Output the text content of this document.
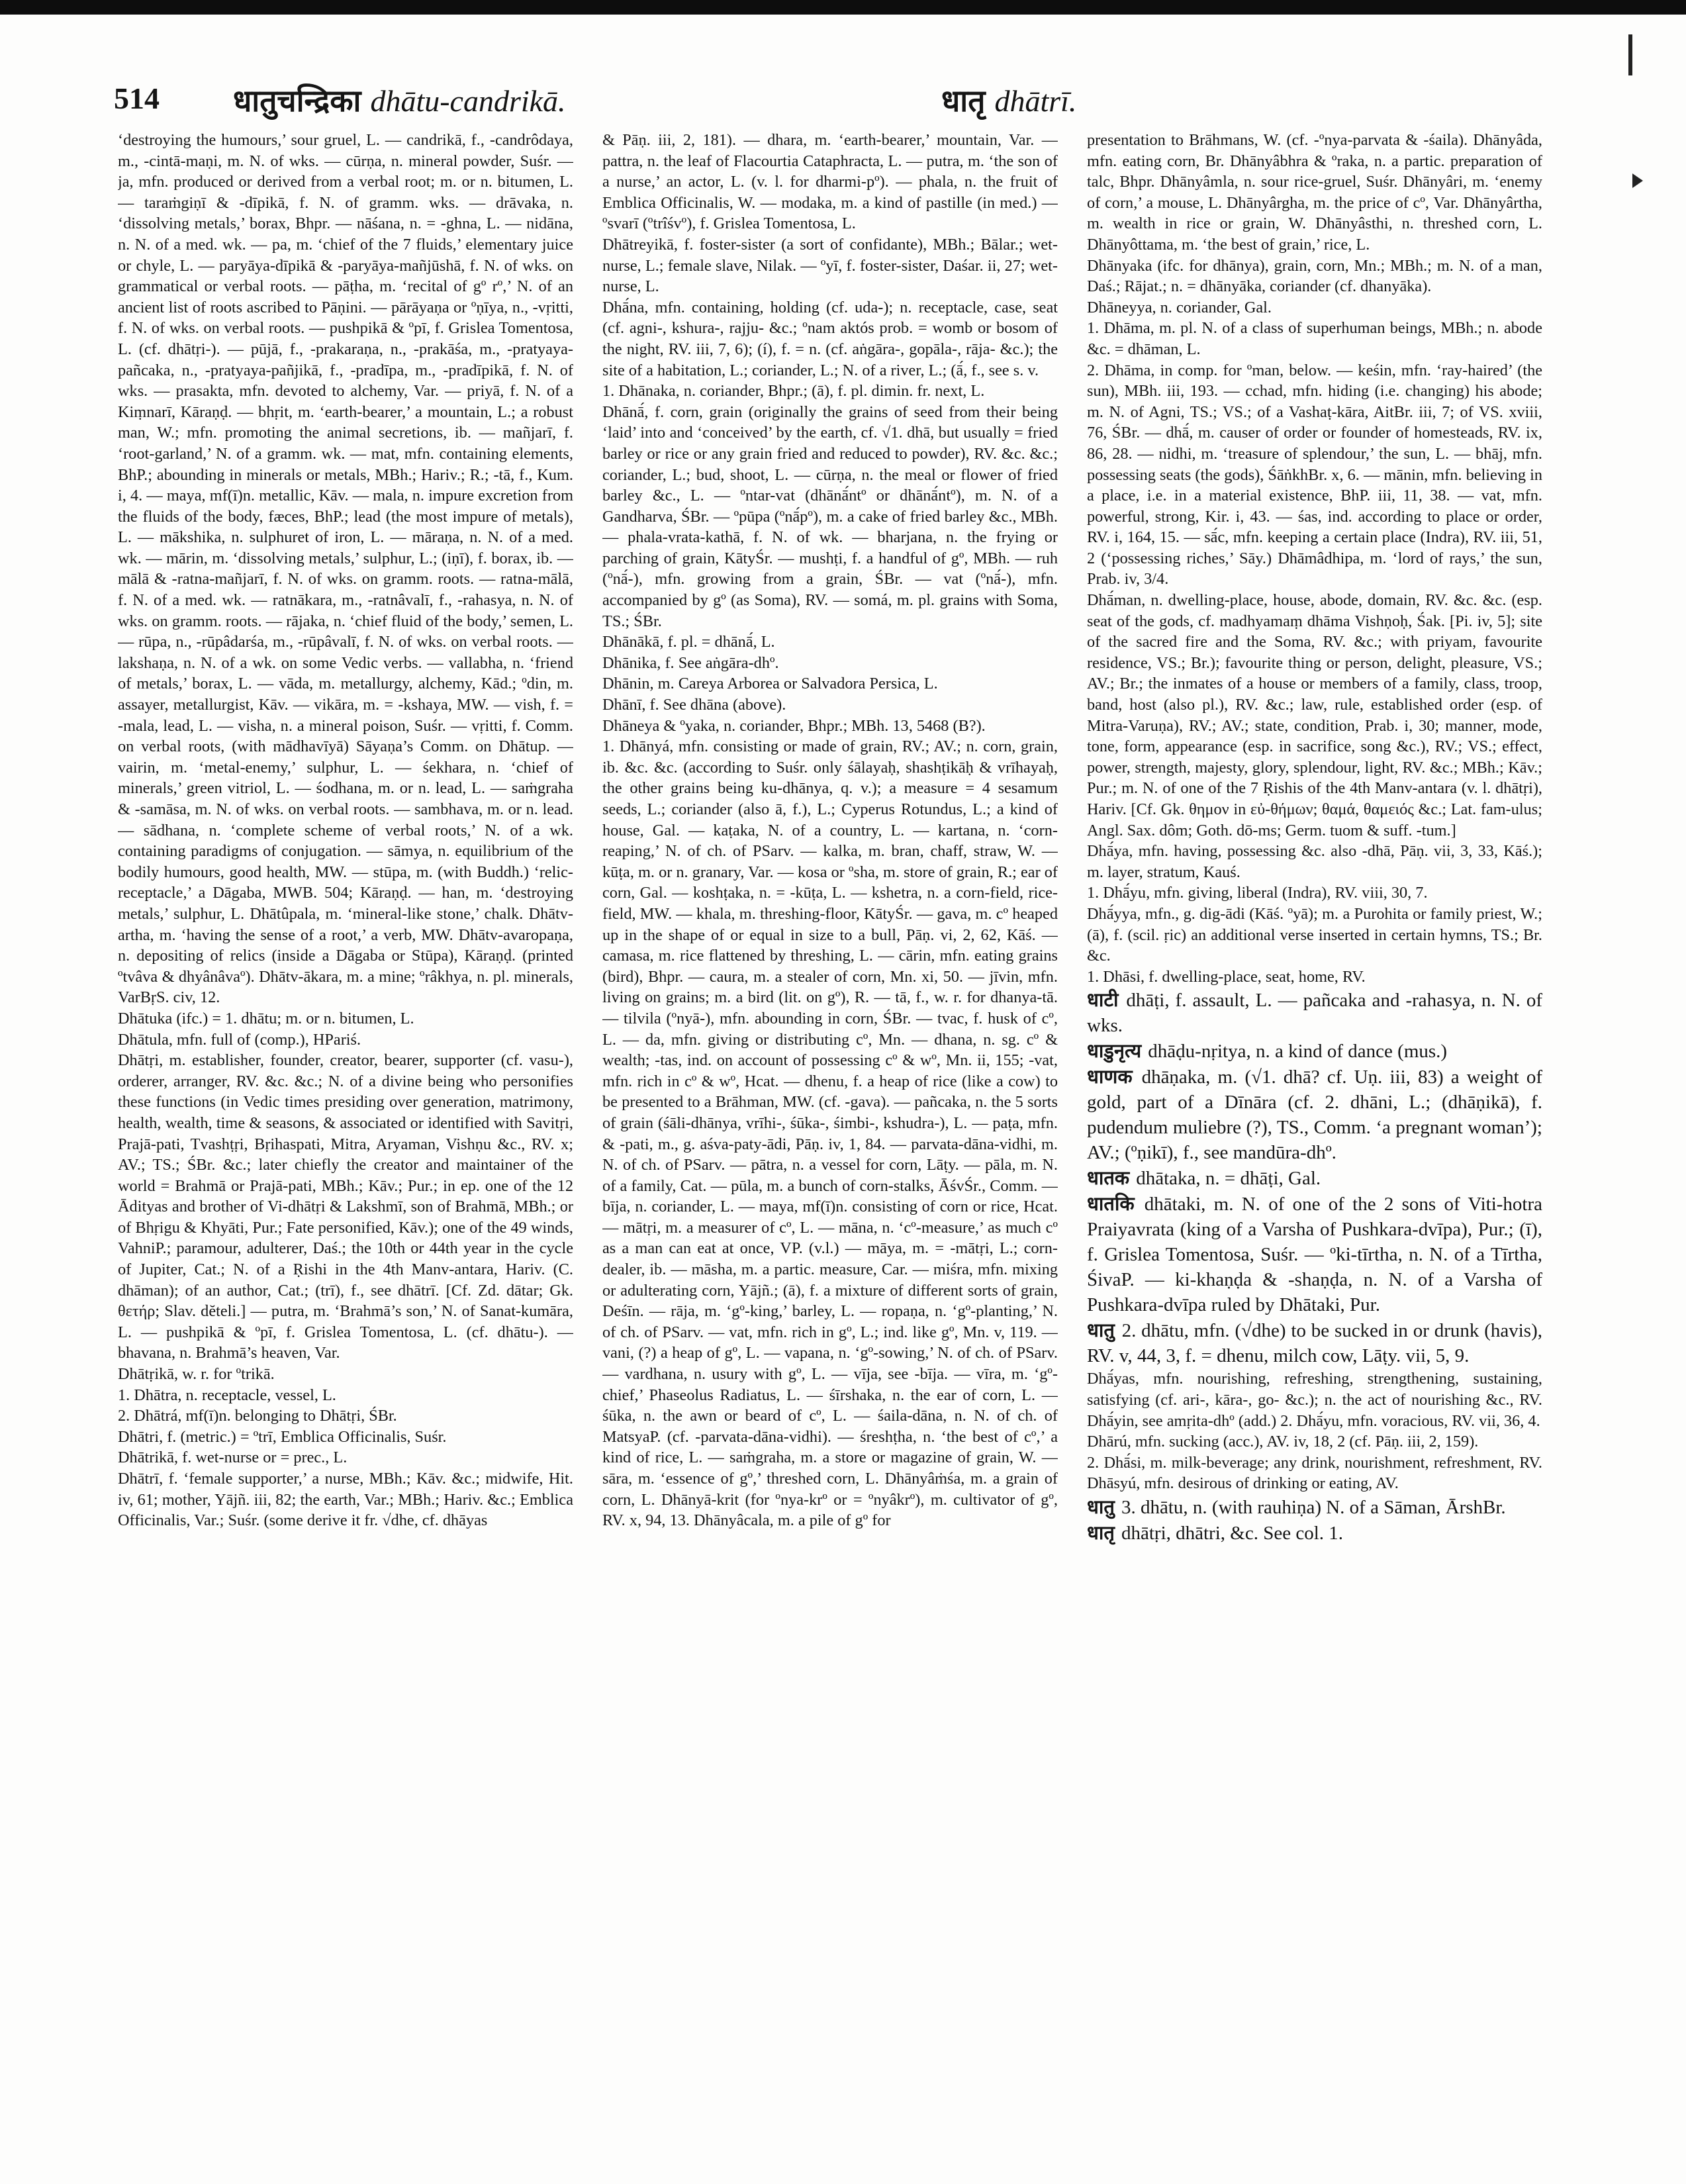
514 धातुचन्द्रिका dhātu-candrikā.	धातृ dhātrī.

‘destroying the humours,’ sour gruel, L. — candrikā, f., -candrôdaya, m., -cintā-maṇi, m. N. of wks. — cūrṇa, n. mineral powder, Suśr. — ja, mfn. produced or derived from a verbal root; m. or n. bitumen, L. — taraṁgiṇī & -dīpikā, f. N. of gramm. wks. — drāvaka, n. ‘dissolving metals,’ borax, Bhpr. — nāśana, n. = -ghna, L. — nidāna, n. N. of a med. wk. — pa, m. ‘chief of the 7 fluids,’ elementary juice or chyle, L. — paryāya-dīpikā & -paryāya-mañjūshā, f. N. of wks. on grammatical or verbal roots. — pāṭha, m. ‘recital of gº rº,’ N. of an ancient list of roots ascribed to Pāṇini. — pārāyaṇa or ºṇīya, n., -vṛitti, f. N. of wks. on verbal roots. — pushpikā & ºpī, f. Grislea Tomentosa, L. (cf. dhātṛi-). — pūjā, f., -prakaraṇa, n., -prakāśa, m., -pratyaya-pañcaka, n., -pratyaya-pañjikā, f., -pradīpa, m., -pradīpikā, f. N. of wks. — prasakta, mfn. devoted to alchemy, Var. — priyā, f. N. of a Kiṃnarī, Kāraṇḍ. — bhṛit, m. ‘earth-bearer,’ a mountain, L.; a robust man, W.; mfn. promoting the animal secretions, ib. — mañjarī, f. ‘root-garland,’ N. of a gramm. wk. — mat, mfn. containing elements, BhP.; abounding in minerals or metals, MBh.; Hariv.; R.; -tā, f., Kum. i, 4. — maya, mf(ī)n. metallic, Kāv. — mala, n. impure excretion from the fluids of the body, fæces, BhP.; lead (the most impure of metals), L. — mākshika, n. sulphuret of iron, L. — māraṇa, n. N. of a med. wk. — mārin, m. ‘dissolving metals,’ sulphur, L.; (iṇī), f. borax, ib. — mālā & -ratna-mañjarī, f. N. of wks. on gramm. roots. — ratna-mālā, f. N. of a med. wk. — ratnākara, m., -ratnâvalī, f., -rahasya, n. N. of wks. on gramm. roots. — rājaka, n. ‘chief fluid of the body,’ semen, L. — rūpa, n., -rūpâdarśa, m., -rūpâvalī, f. N. of wks. on verbal roots. — lakshaṇa, n. N. of a wk. on some Vedic verbs. — vallabha, n. ‘friend of metals,’ borax, L. — vāda, m. metallurgy, alchemy, Kād.; ºdin, m. assayer, metallurgist, Kāv. — vikāra, m. = -kshaya, MW. — vish, f. = -mala, lead, L. — visha, n. a mineral poison, Suśr. — vṛitti, f. Comm. on verbal roots, (with mādhavīyā) Sāyaṇa’s Comm. on Dhātup. — vairin, m. ‘metal-enemy,’ sulphur, L. — śekhara, n. ‘chief of minerals,’ green vitriol, L. — śodhana, m. or n. lead, L. — saṁgraha & -samāsa, m. N. of wks. on verbal roots. — sambhava, m. or n. lead. — sādhana, n. ‘complete scheme of verbal roots,’ N. of a wk. containing paradigms of conjugation. — sāmya, n. equilibrium of the bodily humours, good health, MW. — stūpa, m. (with Buddh.) ‘relic-receptacle,’ a Dāgaba, MWB. 504; Kāraṇḍ. — han, m. ‘destroying metals,’ sulphur, L. Dhātûpala, m. ‘mineral-like stone,’ chalk. Dhātv-artha, m. ‘having the sense of a root,’ a verb, MW. Dhātv-avaropaṇa, n. depositing of relics (inside a Dāgaba or Stūpa), Kāraṇḍ. (printed ºtvâva & dhyânâvaº). Dhātv-ākara, m. a mine; ºrâkhya, n. pl. minerals, VarBṛS. civ, 12.
Dhātuka (ifc.) = 1. dhātu; m. or n. bitumen, L.
Dhātula, mfn. full of (comp.), HPariś.
Dhātṛi, m. establisher, founder, creator, bearer, supporter (cf. vasu-), orderer, arranger, RV. &c. &c.; N. of a divine being who personifies these functions (in Vedic times presiding over generation, matrimony, health, wealth, time & seasons, & associated or identified with Savitṛi, Prajā-pati, Tvashṭṛi, Bṛihaspati, Mitra, Aryaman, Vishṇu &c., RV. x; AV.; TS.; ŚBr. &c.; later chiefly the creator and maintainer of the world = Brahmā or Prajā-pati, MBh.; Kāv.; Pur.; in ep. one of the 12 Ādityas and brother of Vi-dhātṛi & Lakshmī, son of Brahmā, MBh.; or of Bhṛigu & Khyāti, Pur.; Fate personified, Kāv.); one of the 49 winds, VahniP.; paramour, adulterer, Daś.; the 10th or 44th year in the cycle of Jupiter, Cat.; N. of a Ṛishi in the 4th Manv-antara, Hariv. (C. dhāman); of an author, Cat.; (trī), f., see dhātrī. [Cf. Zd. dātar; Gk. θετήρ; Slav. dĕteli.] — putra, m. ‘Brahmā’s son,’ N. of Sanat-kumāra, L. — pushpikā & ºpī, f. Grislea Tomentosa, L. (cf. dhātu-). — bhavana, n. Brahmā’s heaven, Var.
Dhātṛikā, w. r. for ºtrikā.
1. Dhātra, n. receptacle, vessel, L.
2. Dhātrá, mf(ī)n. belonging to Dhātṛi, ŚBr.
Dhātri, f. (metric.) = ºtrī, Emblica Officinalis, Suśr.
Dhātrikā, f. wet-nurse or = prec., L.
Dhātrī, f. ‘female supporter,’ a nurse, MBh.; Kāv. &c.; midwife, Hit. iv, 61; mother, Yājñ. iii, 82; the earth, Var.; MBh.; Hariv. &c.; Emblica Officinalis, Var.; Suśr. (some derive it fr. √dhe, cf. dhāyas

& Pāṇ. iii, 2, 181). — dhara, m. ‘earth-bearer,’ mountain, Var. — pattra, n. the leaf of Flacourtia Cataphracta, L. — putra, m. ‘the son of a nurse,’ an actor, L. (v. l. for dharmi-pº). — phala, n. the fruit of Emblica Officinalis, W. — modaka, m. a kind of pastille (in med.) — ºsvarī (ºtrîśvº), f. Grislea Tomentosa, L.
Dhātreyikā, f. foster-sister (a sort of confidante), MBh.; Bālar.; wet-nurse, L.; female slave, Nilak. — ºyī, f. foster-sister, Daśar. ii, 27; wet-nurse, L.
Dhā́na, mfn. containing, holding (cf. uda-); n. receptacle, case, seat (cf. agni-, kshura-, rajju- &c.; ºnam aktós prob. = womb or bosom of the night, RV. iii, 7, 6); (í), f. = n. (cf. aṅgāra-, gopāla-, rāja- &c.); the site of a habitation, L.; coriander, L.; N. of a river, L.; (ā́, f., see s. v.
1. Dhānaka, n. coriander, Bhpr.; (ā), f. pl. dimin. fr. next, L.
Dhānā́, f. corn, grain (originally the grains of seed from their being ‘laid’ into and ‘conceived’ by the earth, cf. √1. dhā, but usually = fried barley or rice or any grain fried and reduced to powder), RV. &c. &c.; coriander, L.; bud, shoot, L. — cūrṇa, n. the meal or flower of fried barley &c., L. — ºntar-vat (dhānā́ntº or dhānā́ntº), m. N. of a Gandharva, ŚBr. — ºpūpa (ºnā́pº), m. a cake of fried barley &c., MBh. — phala-vrata-kathā, f. N. of wk. — bharjana, n. the frying or parching of grain, KātyŚr. — mushṭi, f. a handful of gº, MBh. — ruh (ºnā́-), mfn. growing from a grain, ŚBr. — vat (ºnā́-), mfn. accompanied by gº (as Soma), RV. — somá, m. pl. grains with Soma, TS.; ŚBr.
Dhānākā, f. pl. = dhānā́, L.
Dhānika, f. See aṅgāra-dhº.
Dhānin, m. Careya Arborea or Salvadora Persica, L.
Dhānī, f. See dhāna (above).
Dhāneya & ºyaka, n. coriander, Bhpr.; MBh. 13, 5468 (B?).
1. Dhānyá, mfn. consisting or made of grain, RV.; AV.; n. corn, grain, ib. &c. &c. (according to Suśr. only śālayaḥ, shashṭikāḥ & vrīhayaḥ, the other grains being ku-dhānya, q. v.); a measure = 4 sesamum seeds, L.; coriander (also ā, f.), L.; Cyperus Rotundus, L.; a kind of house, Gal. — kaṭaka, N. of a country, L. — kartana, n. ‘corn-reaping,’ N. of ch. of PSarv. — kalka, m. bran, chaff, straw, W. — kūṭa, m. or n. granary, Var. — kosa or ºsha, m. store of grain, R.; ear of corn, Gal. — koshṭaka, n. = -kūṭa, L. — kshetra, n. a corn-field, rice-field, MW. — khala, m. threshing-floor, KātyŚr. — gava, m. cº heaped up in the shape of or equal in size to a bull, Pāṇ. vi, 2, 62, Kāś. — camasa, m. rice flattened by threshing, L. — cārin, mfn. eating grains (bird), Bhpr. — caura, m. a stealer of corn, Mn. xi, 50. — jīvin, mfn. living on grains; m. a bird (lit. on gº), R. — tā, f., w. r. for dhanya-tā. — tilvila (ºnyā-), mfn. abounding in corn, ŚBr. — tvac, f. husk of cº, L. — da, mfn. giving or distributing cº, Mn. — dhana, n. sg. cº & wealth; -tas, ind. on account of possessing cº & wº, Mn. ii, 155; -vat, mfn. rich in cº & wº, Hcat. — dhenu, f. a heap of rice (like a cow) to be presented to a Brāhman, MW. (cf. -gava). — pañcaka, n. the 5 sorts of grain (śāli-dhānya, vrīhi-, śūka-, śimbi-, kshudra-), L. — paṭa, mfn. & -pati, m., g. aśva-paty-ādi, Pāṇ. iv, 1, 84. — parvata-dāna-vidhi, m. N. of ch. of PSarv. — pātra, n. a vessel for corn, Lāṭy. — pāla, m. N. of a family, Cat. — pūla, m. a bunch of corn-stalks, ĀśvŚr., Comm. — bīja, n. coriander, L. — maya, mf(ī)n. consisting of corn or rice, Hcat. — mātṛi, m. a measurer of cº, L. — māna, n. ‘cº-measure,’ as much cº as a man can eat at once, VP. (v.l.) — māya, m. = -mātṛi, L.; corn-dealer, ib. — māsha, m. a partic. measure, Car. — miśra, mfn. mixing or adulterating corn, Yājñ.; (ā), f. a mixture of different sorts of grain, Deśīn. — rāja, m. ‘gº-king,’ barley, L. — ropaṇa, n. ‘gº-planting,’ N. of ch. of PSarv. — vat, mfn. rich in gº, L.; ind. like gº, Mn. v, 119. — vani, (?) a heap of gº, L. — vapana, n. ‘gº-sowing,’ N. of ch. of PSarv. — vardhana, n. usury with gº, L. — vīja, see -bīja. — vīra, m. ‘gº-chief,’ Phaseolus Radiatus, L. — śīrshaka, n. the ear of corn, L. — śūka, n. the awn or beard of cº, L. — śaila-dāna, n. N. of ch. of MatsyaP. (cf. -parvata-dāna-vidhi). — śreshṭha, n. ‘the best of cº,’ a kind of rice, L. — saṁgraha, m. a store or magazine of grain, W. — sāra, m. ‘essence of gº,’ threshed corn, L. Dhānyâṁśa, m. a grain of corn, L. Dhānyā-krit (for ºnya-krº or = ºnyâkrº), m. cultivator of gº, RV. x, 94, 13. Dhānyâcala, m. a pile of gº for

presentation to Brāhmans, W. (cf. -ºnya-parvata & -śaila). Dhānyâda, mfn. eating corn, Br. Dhānyâbhra & ºraka, n. a partic. preparation of talc, Bhpr. Dhānyâmla, n. sour rice-gruel, Suśr. Dhānyâri, m. ‘enemy of corn,’ a mouse, L. Dhānyârgha, m. the price of cº, Var. Dhānyârtha, m. wealth in rice or grain, W. Dhānyâsthi, n. threshed corn, L. Dhānyôttama, m. ‘the best of grain,’ rice, L.
Dhānyaka (ifc. for dhānya), grain, corn, Mn.; MBh.; m. N. of a man, Daś.; Rājat.; n. = dhānyāka, coriander (cf. dhanyāka).
Dhāneyya, n. coriander, Gal.
1. Dhāma, m. pl. N. of a class of superhuman beings, MBh.; n. abode &c. = dhāman, L.
2. Dhāma, in comp. for ºman, below. — keśin, mfn. ‘ray-haired’ (the sun), MBh. iii, 193. — cchad, mfn. hiding (i.e. changing) his abode; m. N. of Agni, TS.; VS.; of a Vashaṭ-kāra, AitBr. iii, 7; of VS. xviii, 76, ŚBr. — dhā́, m. causer of order or founder of homesteads, RV. ix, 86, 28. — nidhi, m. ‘treasure of splendour,’ the sun, L. — bhāj, mfn. possessing seats (the gods), ŚāṅkhBr. x, 6. — mānin, mfn. believing in a place, i.e. in a material existence, BhP. iii, 11, 38. — vat, mfn. powerful, strong, Kir. i, 43. — śas, ind. according to place or order, RV. i, 164, 15. — sā́c, mfn. keeping a certain place (Indra), RV. iii, 51, 2 (‘possessing riches,’ Sāy.) Dhāmâdhipa, m. ‘lord of rays,’ the sun, Prab. iv, 3/4.
Dhā́man, n. dwelling-place, house, abode, domain, RV. &c. &c. (esp. seat of the gods, cf. madhyamaṃ dhāma Vishṇoḥ, Śak. [Pi. iv, 5]; site of the sacred fire and the Soma, RV. &c.; with priyam, favourite residence, VS.; Br.); favourite thing or person, delight, pleasure, VS.; AV.; Br.; the inmates of a house or members of a family, class, troop, band, host (also pl.), RV. &c.; law, rule, established order (esp. of Mitra-Varuṇa), RV.; AV.; state, condition, Prab. i, 30; manner, mode, tone, form, appearance (esp. in sacrifice, song &c.), RV.; VS.; effect, power, strength, majesty, glory, splendour, light, RV. &c.; MBh.; Kāv.; Pur.; m. N. of one of the 7 Ṛishis of the 4th Manv-antara (v. l. dhātṛi), Hariv. [Cf. Gk. θημον in εὐ-θήμων; θαμά, θαμειός &c.; Lat. fam-ulus; Angl. Sax. dôm; Goth. dō-ms; Germ. tuom & suff. -tum.]
Dhā́ya, mfn. having, possessing &c. also -dhā, Pāṇ. vii, 3, 33, Kāś.); m. layer, stratum, Kauś.
1. Dhā́yu, mfn. giving, liberal (Indra), RV. viii, 30, 7.
Dhā́yya, mfn., g. dig-ādi (Kāś. ºyā); m. a Purohita or family priest, W.; (ā), f. (scil. ṛic) an additional verse inserted in certain hymns, TS.; Br. &c.
1. Dhāsi, f. dwelling-place, seat, home, RV.

धाटी dhāṭi, f. assault, L. — pañcaka and -rahasya, n. N. of wks.

धाडुनृत्य dhāḍu-nṛitya, n. a kind of dance (mus.)

धाणक dhāṇaka, m. (√1. dhā? cf. Uṇ. iii, 83) a weight of gold, part of a Dīnāra (cf. 2. dhāni, L.; (dhāṇikā), f. pudendum muliebre (?), TS., Comm. ‘a pregnant woman’); AV.; (ºṇikī), f., see mandūra-dhº.

धातक dhātaka, n. = dhāṭi, Gal.

धातकि dhātaki, m. N. of one of the 2 sons of Viti-hotra Praiyavrata (king of a Varsha of Pushkara-dvīpa), Pur.; (ī), f. Grislea Tomentosa, Suśr. — ºki-tīrtha, n. N. of a Tīrtha, ŚivaP. — ki-khaṇḍa & -shaṇḍa, n. N. of a Varsha of Pushkara-dvīpa ruled by Dhātaki, Pur.

धातु 2. dhātu, mfn. (√dhe) to be sucked in or drunk (havis), RV. v, 44, 3, f. = dhenu, milch cow, Lāṭy. vii, 5, 9.

Dhā́yas, mfn. nourishing, refreshing, strengthening, sustaining, satisfying (cf. ari-, kāra-, go- &c.); n. the act of nourishing &c., RV. Dhā́yin, see amṛita-dhº (add.) 2. Dhā́yu, mfn. voracious, RV. vii, 36, 4.

Dhārú, mfn. sucking (acc.), AV. iv, 18, 2 (cf. Pāṇ. iii, 2, 159).

2. Dhā́si, m. milk-beverage; any drink, nourishment, refreshment, RV. Dhāsyú, mfn. desirous of drinking or eating, AV.

धातु 3. dhātu, n. (with rauhiṇa) N. of a Sāman, ĀrshBr.

धातृ dhātṛi, dhātri, &c. See col. 1.
